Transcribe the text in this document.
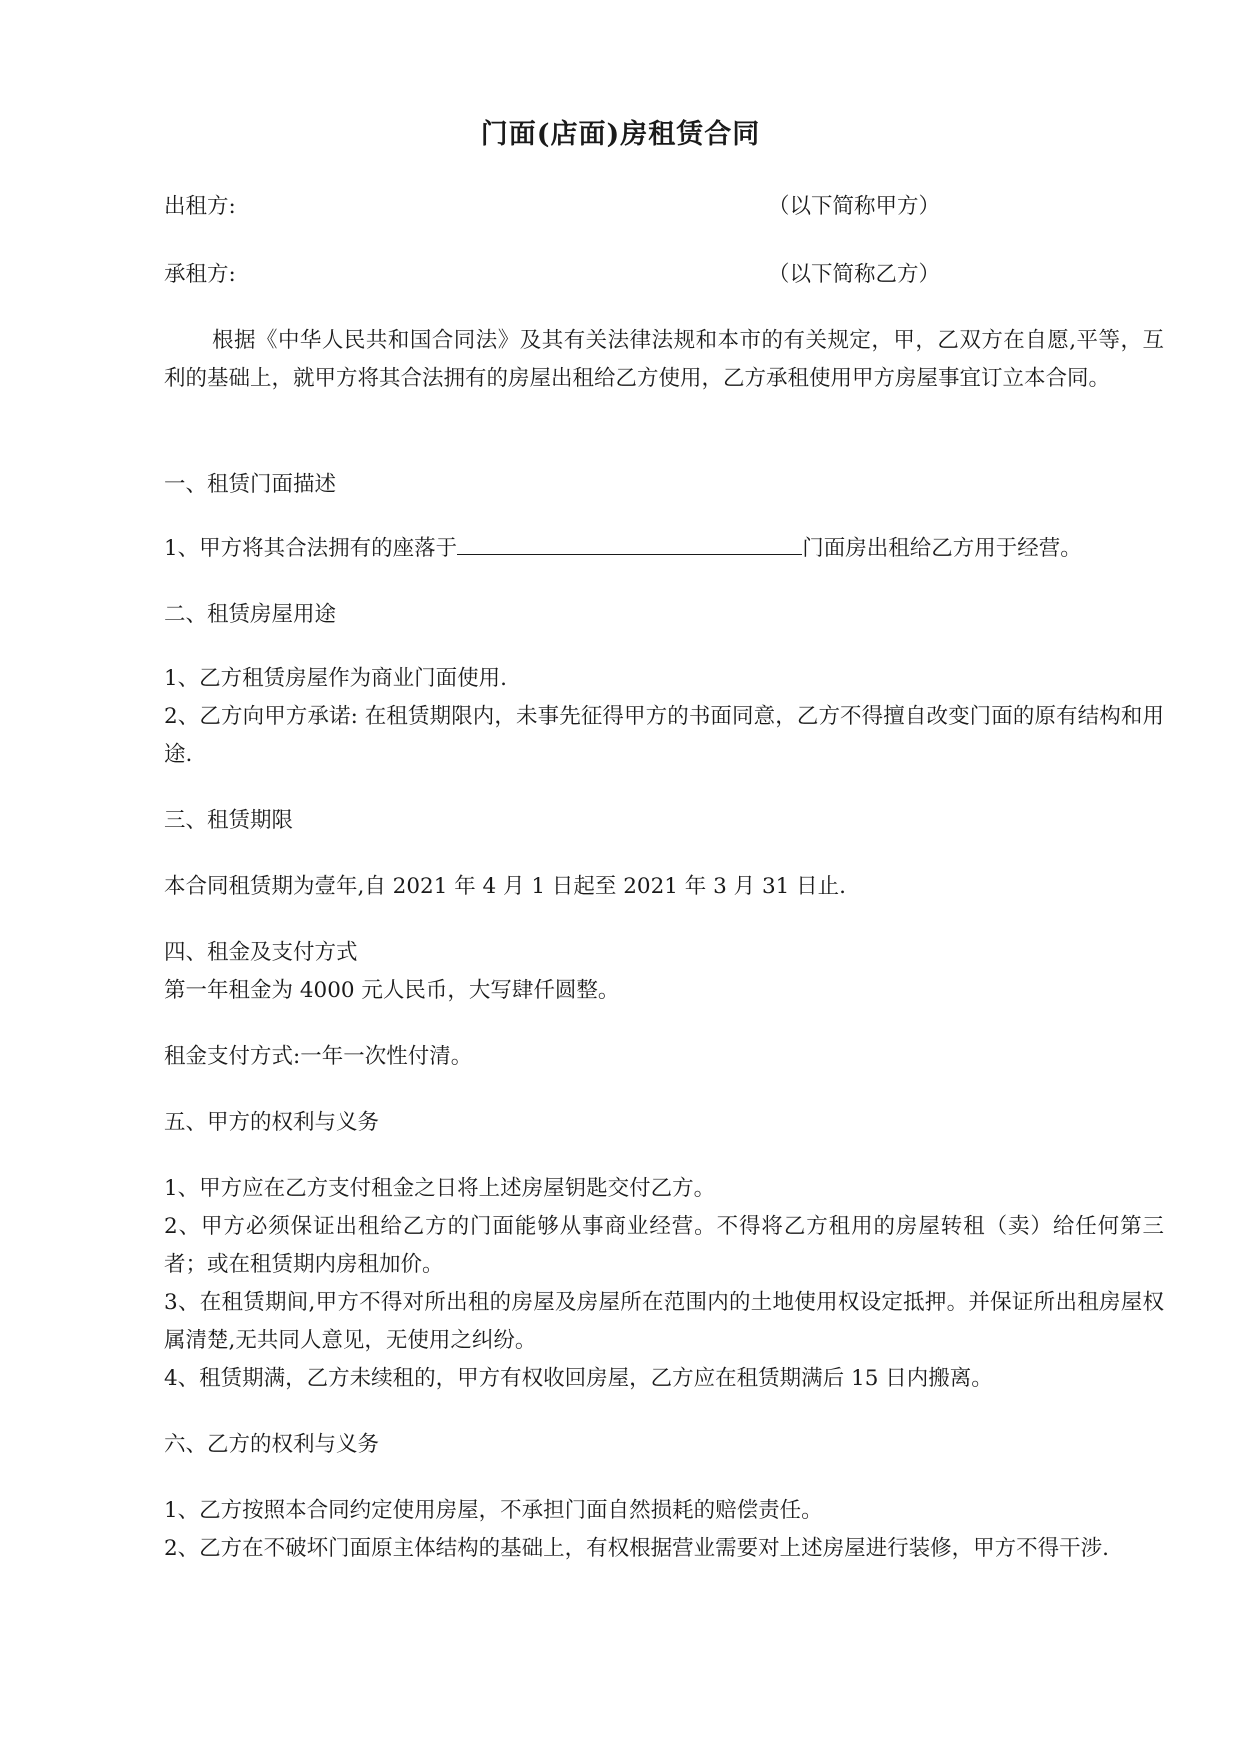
门面(店面)房租赁合同

出租方:	（以下简称甲方）

承租方:	（以下简称乙方）

根据《中华人民共和国合同法》及其有关法律法规和本市的有关规定，甲，乙双方在自愿,平等，互利的基础上，就甲方将其合法拥有的房屋出租给乙方使用，乙方承租使用甲方房屋事宜订立本合同。

一、租赁门面描述

1、甲方将其合法拥有的座落于	门面房出租给乙方用于经营。

二、租赁房屋用途

1、乙方租赁房屋作为商业门面使用.

2、乙方向甲方承诺: 在租赁期限内，未事先征得甲方的书面同意，乙方不得擅自改变门面的原有结构和用途.

三、租赁期限

本合同租赁期为壹年,自 2021 年 4 月 1 日起至 2021 年 3 月 31 日止.

四、租金及支付方式

第一年租金为 4000 元人民币，大写肆仟圆整。

租金支付方式:一年一次性付清。

五、甲方的权利与义务

1、甲方应在乙方支付租金之日将上述房屋钥匙交付乙方。

2、甲方必须保证出租给乙方的门面能够从事商业经营。不得将乙方租用的房屋转租（卖）给任何第三者；或在租赁期内房租加价。

3、在租赁期间,甲方不得对所出租的房屋及房屋所在范围内的土地使用权设定抵押。并保证所出租房屋权属清楚,无共同人意见，无使用之纠纷。

4、租赁期满，乙方未续租的，甲方有权收回房屋，乙方应在租赁期满后 15 日内搬离。

六、乙方的权利与义务

1、乙方按照本合同约定使用房屋，不承担门面自然损耗的赔偿责任。

2、乙方在不破坏门面原主体结构的基础上，有权根据营业需要对上述房屋进行装修，甲方不得干涉.
